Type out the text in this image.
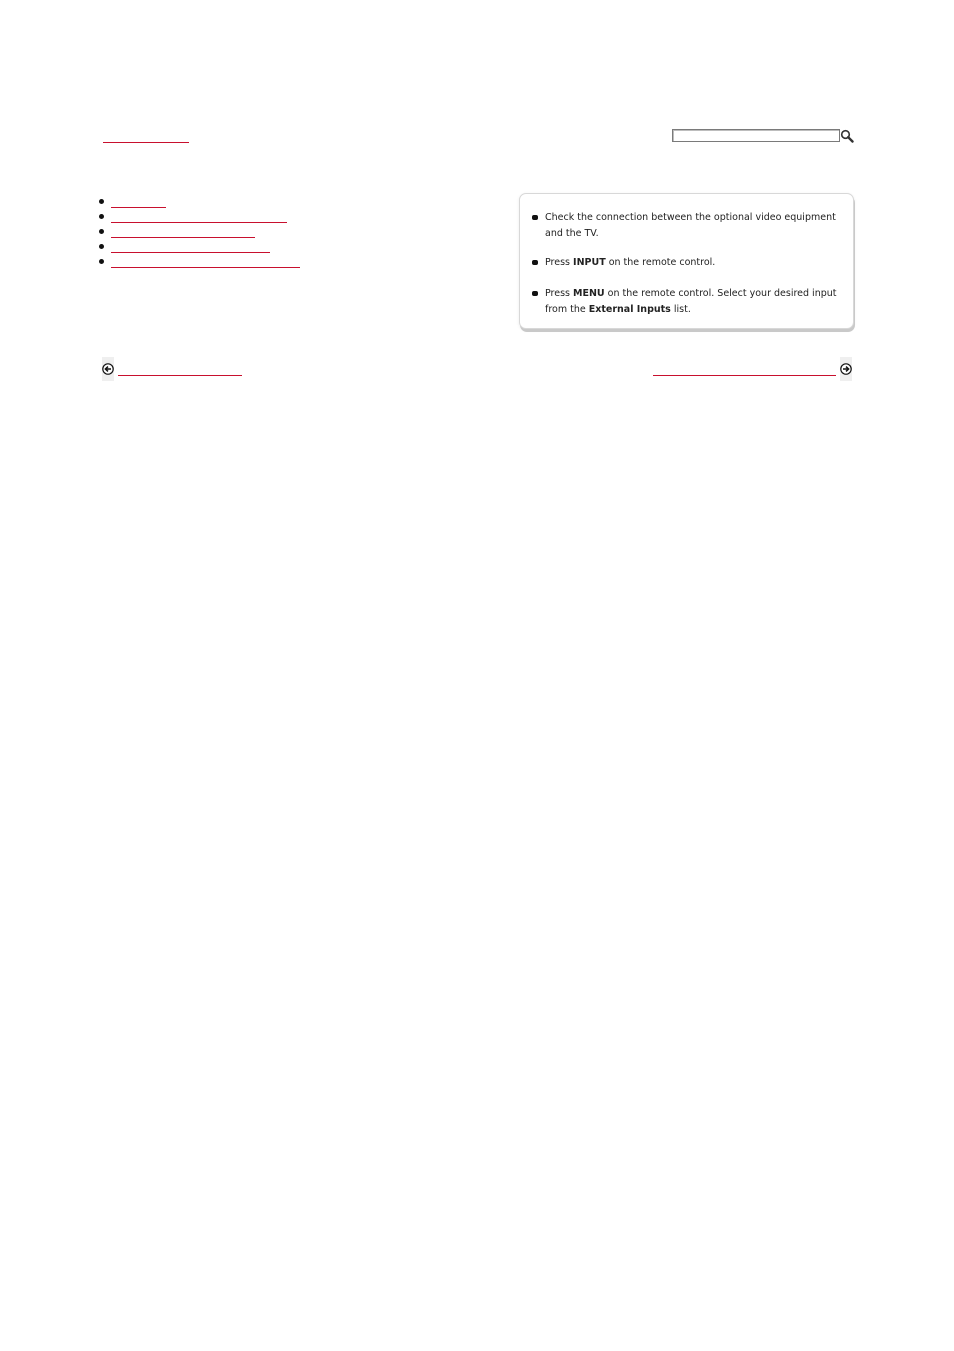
Check the connection between the optional video equipment and the TV.
Press INPUT on the remote control.
Press MENU on the remote control. Select your desired input from the External Inputs list.
